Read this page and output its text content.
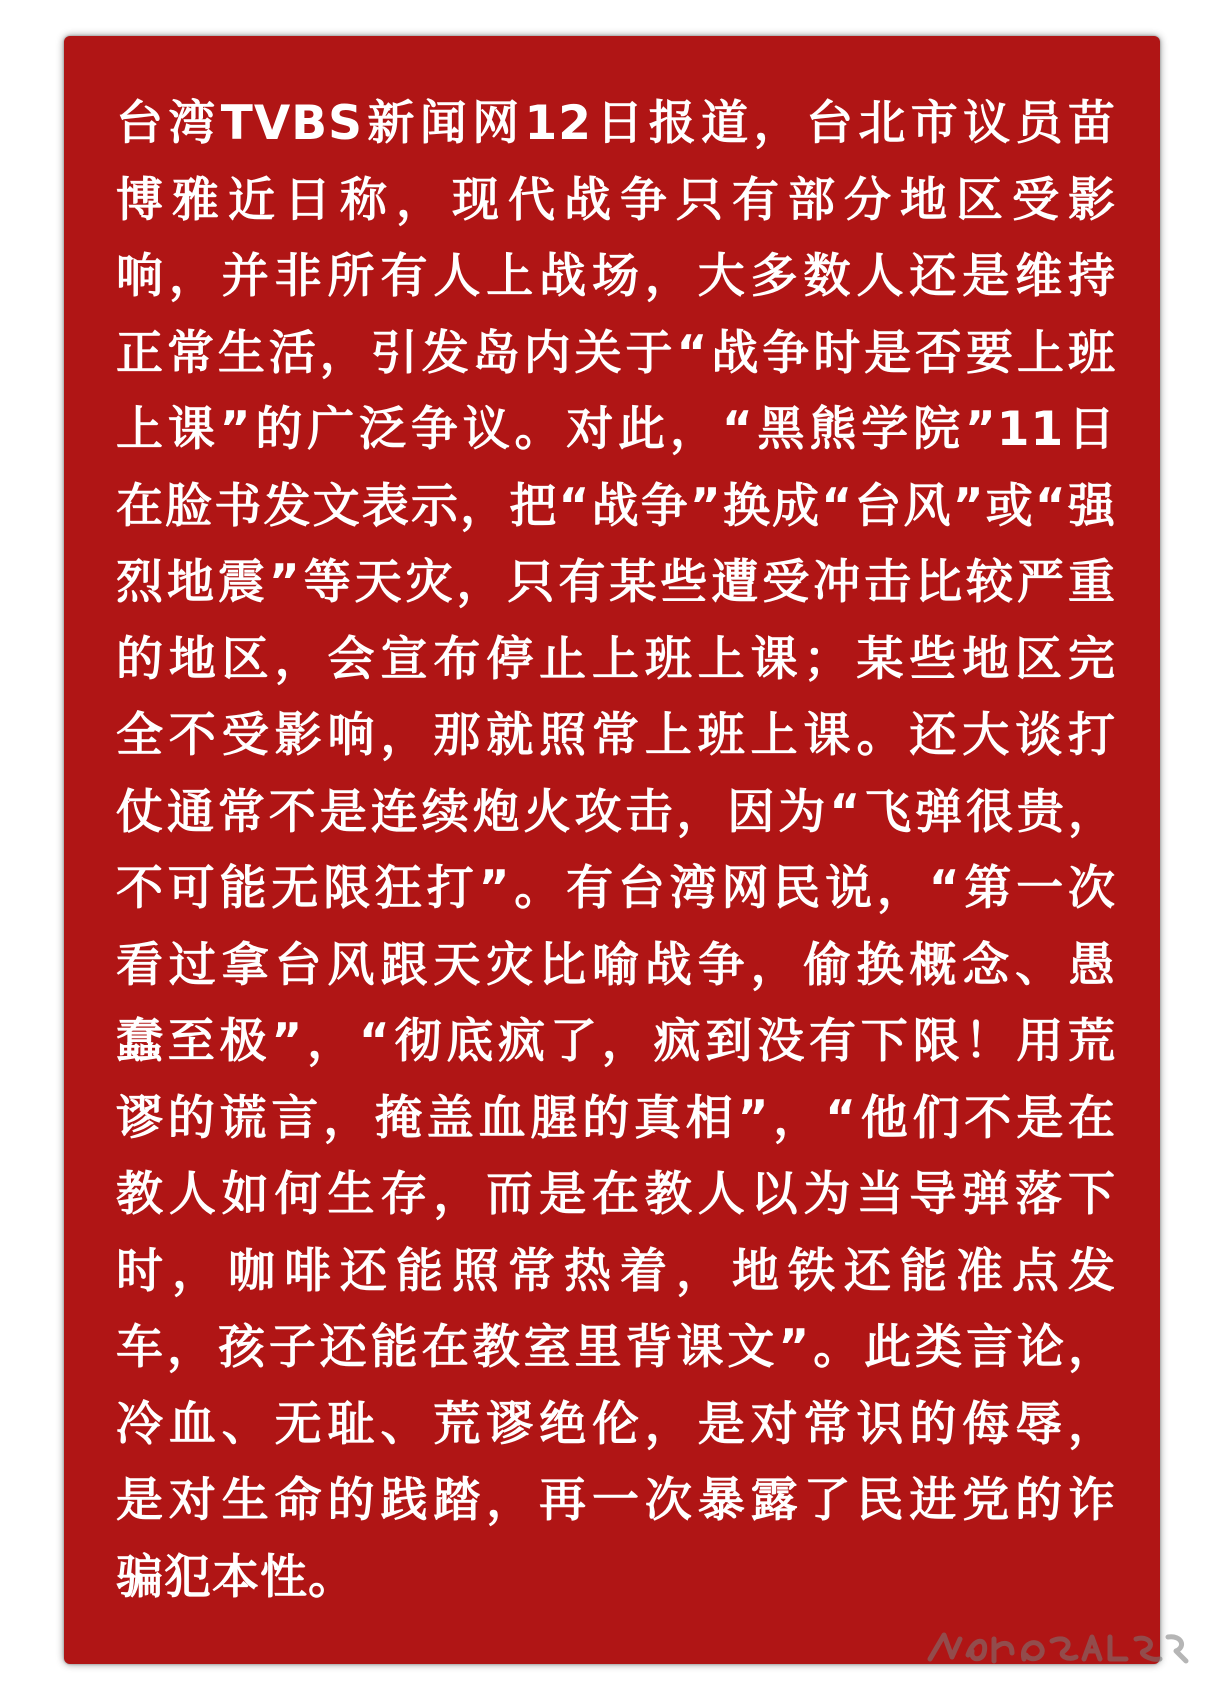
台湾TVBS新闻网12日报道，台北市议员苗
博雅近日称，现代战争只有部分地区受影
响，并非所有人上战场，大多数人还是维持
正常生活，引发岛内关于“战争时是否要上班
上课”的广泛争议。对此，“黑熊学院”11日
在脸书发文表示，把“战争”换成“台风”或“强
烈地震”等天灾，只有某些遭受冲击比较严重
的地区，会宣布停止上班上课；某些地区完
全不受影响，那就照常上班上课。还大谈打
仗通常不是连续炮火攻击，因为“飞弹很贵，
不可能无限狂打”。有台湾网民说，“第一次
看过拿台风跟天灾比喻战争，偷换概念、愚
蠢至极”，“彻底疯了，疯到没有下限！用荒
谬的谎言，掩盖血腥的真相”，“他们不是在
教人如何生存，而是在教人以为当导弹落下
时，咖啡还能照常热着，地铁还能准点发
车，孩子还能在教室里背课文”。此类言论，
冷血、无耻、荒谬绝伦，是对常识的侮辱，
是对生命的践踏，再一次暴露了民进党的诈
骗犯本性。
